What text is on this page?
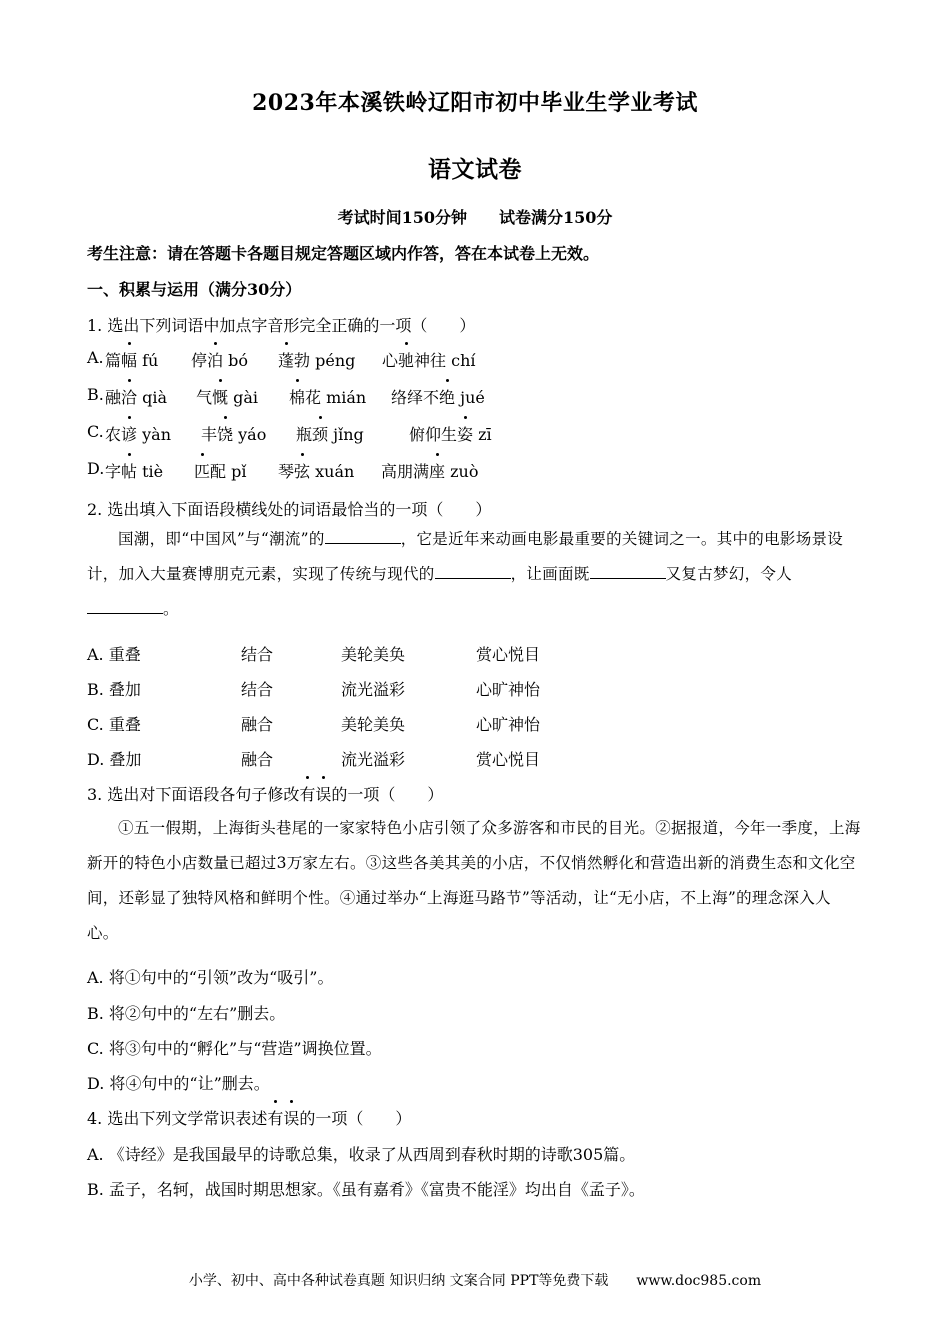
2023年本溪铁岭辽阳市初中毕业生学业考试
语文试卷
考试时间150分钟　　试卷满分150分
考生注意：请在答题卡各题目规定答题区域内作答，答在本试卷上无效。
一、积累与运用（满分30分）
1. 选出下列词语中加点字音形完全正确的一项（　　）
A. 篇幅 fú 停泊 bó 蓬勃 péng 心驰神往 chí
B. 融洽 qià 气慨 gài 棉花 mián 络绎不绝 jué
C. 农谚 yàn 丰饶 yáo 瓶颈 jǐng	俯仰生姿 zī
D. 字帖 tiè 匹配 pǐ 琴弦 xuán 高朋满座 zuò
2. 选出填入下面语段横线处的词语最恰当的一项（　　）
国潮，即“中国风”与“潮流”的	，它是近年来动画电影最重要的关键词之一。其中的电影场景设计，加入大量赛博朋克元素，实现了传统与现代的	，让画面既	又复古梦幻，令人。
A. 重叠	结合	美轮美奂	赏心悦目
B. 叠加	结合	流光溢彩	心旷神怡
C. 重叠	融合	美轮美奂	心旷神怡
D. 叠加	融合	流光溢彩	赏心悦目
3. 选出对下面语段各句子修改有误的一项（　　）
①五一假期，上海街头巷尾的一家家特色小店引领了众多游客和市民的目光。②据报道，今年一季度，上海新开的特色小店数量已超过3万家左右。③这些各美其美的小店，不仅悄然孵化和营造出新的消费生态和文化空间，还彰显了独特风格和鲜明个性。④通过举办“上海逛马路节”等活动，让“无小店，不上海”的理念深入人心。
A. 将①句中的“引领”改为“吸引”。
B. 将②句中的“左右”删去。
C. 将③句中的“孵化”与“营造”调换位置。
D. 将④句中的“让”删去。
4. 选出下列文学常识表述有误的一项（　　）
A. 《诗经》是我国最早的诗歌总集，收录了从西周到春秋时期的诗歌305篇。
B. 孟子，名轲，战国时期思想家。《虽有嘉肴》《富贵不能淫》均出自《孟子》。
小学、初中、高中各种试卷真题 知识归纳 文案合同 PPT等免费下载　　www.doc985.com
